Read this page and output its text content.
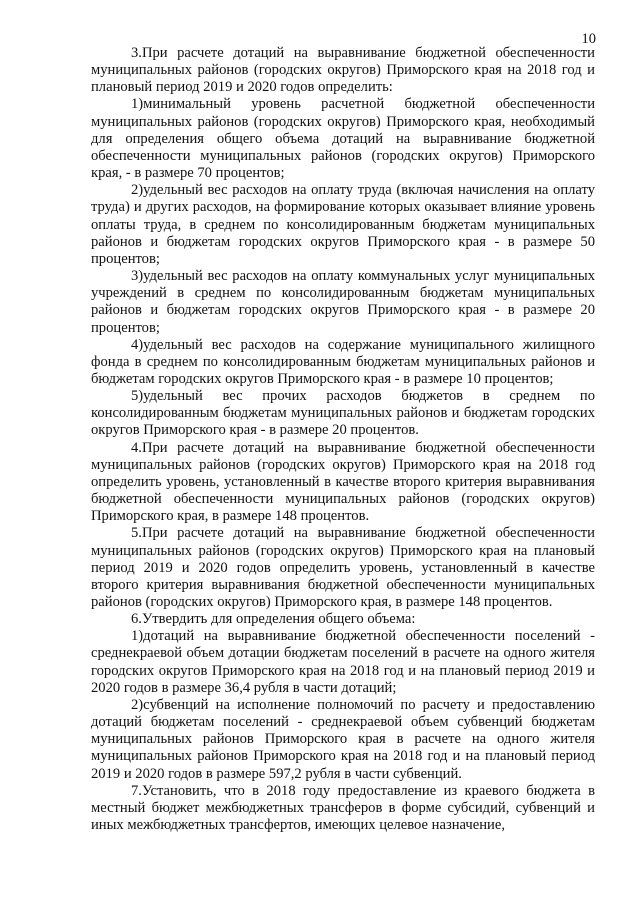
10

3.При расчете дотаций на выравнивание бюджетной обеспеченности муниципальных районов (городских округов) Приморского края на 2018 год и плановый период 2019 и 2020 годов определить:

1)минимальный уровень расчетной бюджетной обеспеченности муниципальных районов (городских округов) Приморского края, необходимый для определения общего объема дотаций на выравнивание бюджетной обеспеченности муниципальных районов (городских округов) Приморского края, - в размере 70 процентов;

2)удельный вес расходов на оплату труда (включая начисления на оплату труда) и других расходов, на формирование которых оказывает влияние уровень оплаты труда, в среднем по консолидированным бюджетам муниципальных районов и бюджетам городских округов Приморского края - в размере 50 процентов;

3)удельный вес расходов на оплату коммунальных услуг муниципальных учреждений в среднем по консолидированным бюджетам муниципальных районов и бюджетам городских округов Приморского края - в размере 20 процентов;

4)удельный вес расходов на содержание муниципального жилищного фонда в среднем по консолидированным бюджетам муниципальных районов и бюджетам городских округов Приморского края - в размере 10 процентов;

5)удельный вес прочих расходов бюджетов в среднем по консолидированным бюджетам муниципальных районов и бюджетам городских округов Приморского края - в размере 20 процентов.

4.При расчете дотаций на выравнивание бюджетной обеспеченности муниципальных районов (городских округов) Приморского края на 2018 год определить уровень, установленный в качестве второго критерия выравнивания бюджетной обеспеченности муниципальных районов (городских округов) Приморского края, в размере 148 процентов.

5.При расчете дотаций на выравнивание бюджетной обеспеченности муниципальных районов (городских округов) Приморского края на плановый период 2019 и 2020 годов определить уровень, установленный в качестве второго критерия выравнивания бюджетной обеспеченности муниципальных районов (городских округов) Приморского края, в размере 148 процентов.

6.Утвердить для определения общего объема:

1)дотаций на выравнивание бюджетной обеспеченности поселений - среднекраевой объем дотации бюджетам поселений в расчете на одного жителя городских округов Приморского края на 2018 год и на плановый период 2019 и 2020 годов в размере 36,4 рубля в части дотаций;

2)субвенций на исполнение полномочий по расчету и предоставлению дотаций бюджетам поселений - среднекраевой объем субвенций бюджетам муниципальных районов Приморского края в расчете на одного жителя муниципальных районов Приморского края на 2018 год и на плановый период 2019 и 2020 годов в размере 597,2 рубля в части субвенций.

7.Установить, что в 2018 году предоставление из краевого бюджета в местный бюджет межбюджетных трансферов в форме субсидий, субвенций и иных межбюджетных трансфертов, имеющих целевое назначение,
